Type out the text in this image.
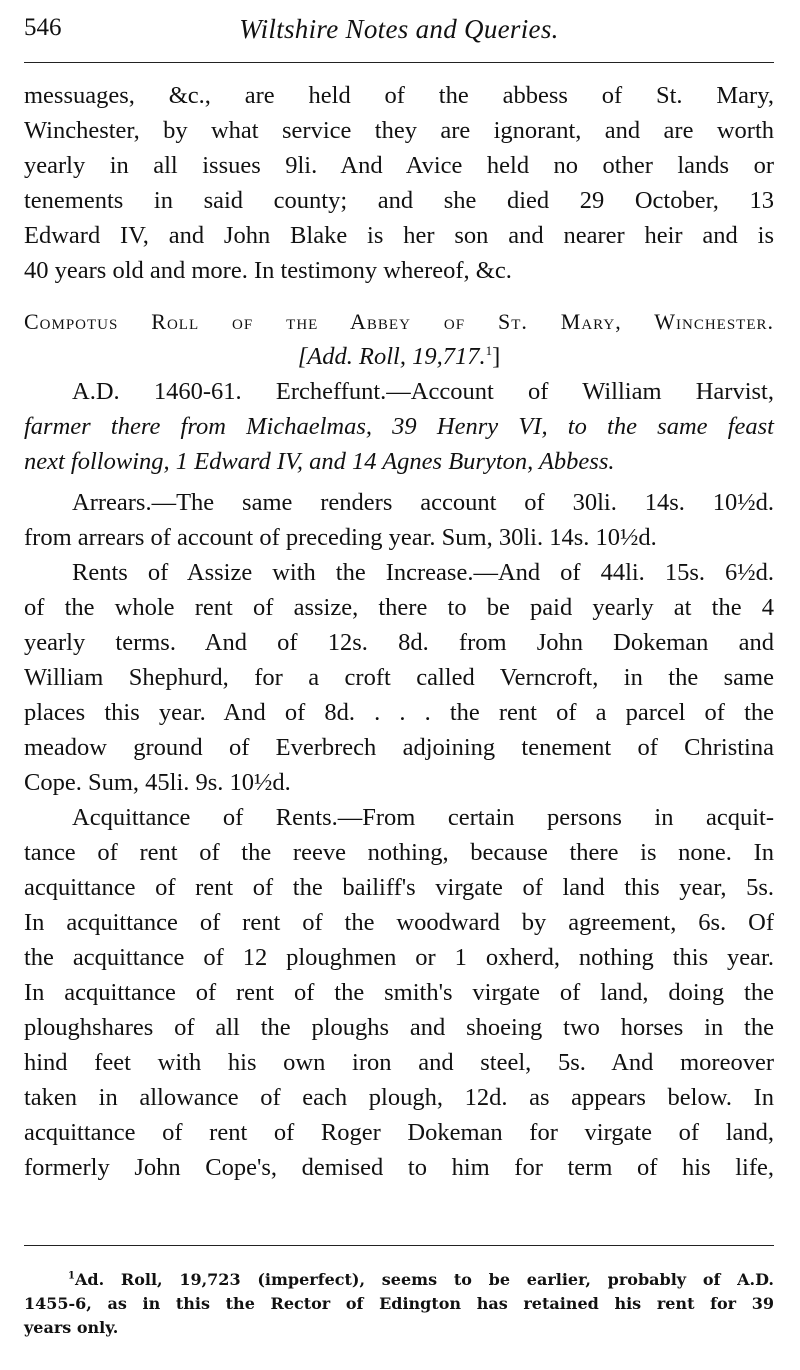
546	Wiltshire Notes and Queries.
messuages, &c., are held of the abbess of St. Mary,
Winchester, by what service they are ignorant, and are worth
yearly in all issues 9li. And Avice held no other lands or
tenements in said county; and she died 29 October, 13
Edward IV, and John Blake is her son and nearer heir and is
40 years old and more. In testimony whereof, &c.
Compotus Roll of the Abbey of St. Mary, Winchester.
[Add. Roll, 19,717.$^1$]
A.D. 1460-61. Ercheffunt.—Account of William Harvist,
farmer there from Michaelmas, 39 Henry VI, to the same feast
next following, 1 Edward IV, and 14 Agnes Buryton, Abbess.
Arrears.—The same renders account of 30li. 14s. 10½d.
from arrears of account of preceding year. Sum, 30li. 14s. 10½d.
Rents of Assize with the Increase.—And of 44li. 15s. 6½d.
of the whole rent of assize, there to be paid yearly at the 4
yearly terms. And of 12s. 8d. from John Dokeman and
William Shephurd, for a croft called Verncroft, in the same
places this year. And of 8d. . . . the rent of a parcel of the
meadow ground of Everbrech adjoining tenement of Christina
Cope. Sum, 45li. 9s. 10½d.
Acquittance of Rents.—From certain persons in acquit-
tance of rent of the reeve nothing, because there is none. In
acquittance of rent of the bailiff's virgate of land this year, 5s.
In acquittance of rent of the woodward by agreement, 6s. Of
the acquittance of 12 ploughmen or 1 oxherd, nothing this year.
In acquittance of rent of the smith's virgate of land, doing the
ploughshares of all the ploughs and shoeing two horses in the
hind feet with his own iron and steel, 5s. And moreover
taken in allowance of each plough, 12d. as appears below. In
acquittance of rent of Roger Dokeman for virgate of land,
formerly John Cope's, demised to him for term of his life,
$^1$Ad. Roll, 19,723 (imperfect), seems to be earlier, probably of A.D.
1455-6, as in this the Rector of Edington has retained his rent for 39
years only.
